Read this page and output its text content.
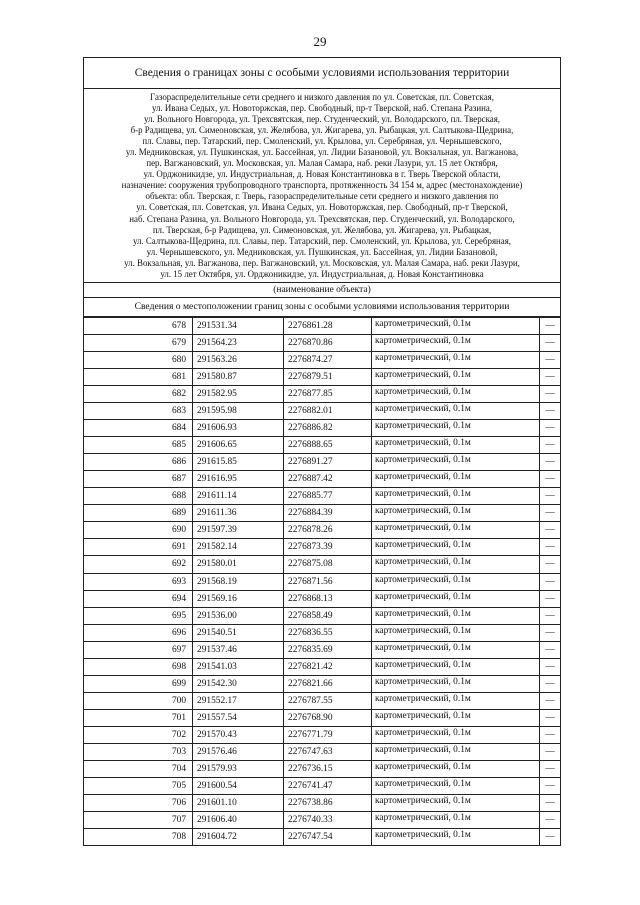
29
Сведения о границах зоны с особыми условиями использования территории
Газораспределительные сети среднего и низкого давления по ул. Советская, пл. Советская,
ул. Ивана Седых, ул. Новоторжская, пер. Свободный, пр-т Тверской, наб. Степана Разина,
ул. Вольного Новгорода, ул. Трехсвятская, пер. Студенческий, ул. Володарского, пл. Тверская,
б-р Радищева, ул. Симеоновская, ул. Желябова, ул. Жигарева, ул. Рыбацкая, ул. Салтыкова-Щедрина,
пл. Славы, пер. Татарский, пер. Смоленский, ул. Крылова, ул. Серебряная, ул. Чернышевского,
ул. Медниковская, ул. Пушкинская, ул. Бассейная, ул. Лидии Базановой, ул. Вокзальная, ул. Вагжанова,
пер. Вагжановский, ул. Московская, ул. Малая Самара, наб. реки Лазури, ул. 15 лет Октября,
ул. Орджоникидзе, ул. Индустриальная, д. Новая Константиновка в г. Тверь Тверской области,
назначение: сооружения трубопроводного транспорта, протяженность 34 154 м, адрес (местонахождение)
объекта: обл. Тверская, г. Тверь, газораспределительные сети среднего и низкого давления по
ул. Советская, пл. Советская, ул. Ивана Седых, ул. Новоторжская, пер. Свободный, пр-т Тверской,
наб. Степана Разина, ул. Вольного Новгорода, ул. Трехсвятская, пер. Студенческий, ул. Володарского,
пл. Тверская, б-р Радищева, ул. Симеоновская, ул. Желябова, ул. Жигарева, ул. Рыбацкая,
ул. Салтыкова-Щедрина, пл. Славы, пер. Татарский, пер. Смоленский, ул. Крылова, ул. Серебряная,
ул. Чернышевского, ул. Медниковская, ул. Пушкинская, ул. Бассейная, ул. Лидии Базановой,
ул. Вокзальная, ул. Вагжанова, пер. Вагжановский, ул. Московская, ул. Малая Самара, наб. реки Лазури,
ул. 15 лет Октября, ул. Орджоникидзе, ул. Индустриальная, д. Новая Константиновка
(наименование объекта)
Сведения о местоположении границ зоны с особыми условиями использования территории
678	291531.34	2276861.28	картометрический, 0.1м	—
679	291564.23	2276870.86	картометрический, 0.1м	—
680	291563.26	2276874.27	картометрический, 0.1м	—
681	291580.87	2276879.51	картометрический, 0.1м	—
682	291582.95	2276877.85	картометрический, 0.1м	—
683	291595.98	2276882.01	картометрический, 0.1м	—
684	291606.93	2276886.82	картометрический, 0.1м	—
685	291606.65	2276888.65	картометрический, 0.1м	—
686	291615.85	2276891.27	картометрический, 0.1м	—
687	291616.95	2276887.42	картометрический, 0.1м	—
688	291611.14	2276885.77	картометрический, 0.1м	—
689	291611.36	2276884.39	картометрический, 0.1м	—
690	291597.39	2276878.26	картометрический, 0.1м	—
691	291582.14	2276873.39	картометрический, 0.1м	—
692	291580.01	2276875.08	картометрический, 0.1м	—
693	291568.19	2276871.56	картометрический, 0.1м	—
694	291569.16	2276868.13	картометрический, 0.1м	—
695	291536.00	2276858.49	картометрический, 0.1м	—
696	291540.51	2276836.55	картометрический, 0.1м	—
697	291537.46	2276835.69	картометрический, 0.1м	—
698	291541.03	2276821.42	картометрический, 0.1м	—
699	291542.30	2276821.66	картометрический, 0.1м	—
700	291552.17	2276787.55	картометрический, 0.1м	—
701	291557.54	2276768.90	картометрический, 0.1м	—
702	291570.43	2276771.79	картометрический, 0.1м	—
703	291576.46	2276747.63	картометрический, 0.1м	—
704	291579.93	2276736.15	картометрический, 0.1м	—
705	291600.54	2276741.47	картометрический, 0.1м	—
706	291601.10	2276738.86	картометрический, 0.1м	—
707	291606.40	2276740.33	картометрический, 0.1м	—
708	291604.72	2276747.54	картометрический, 0.1м	—
